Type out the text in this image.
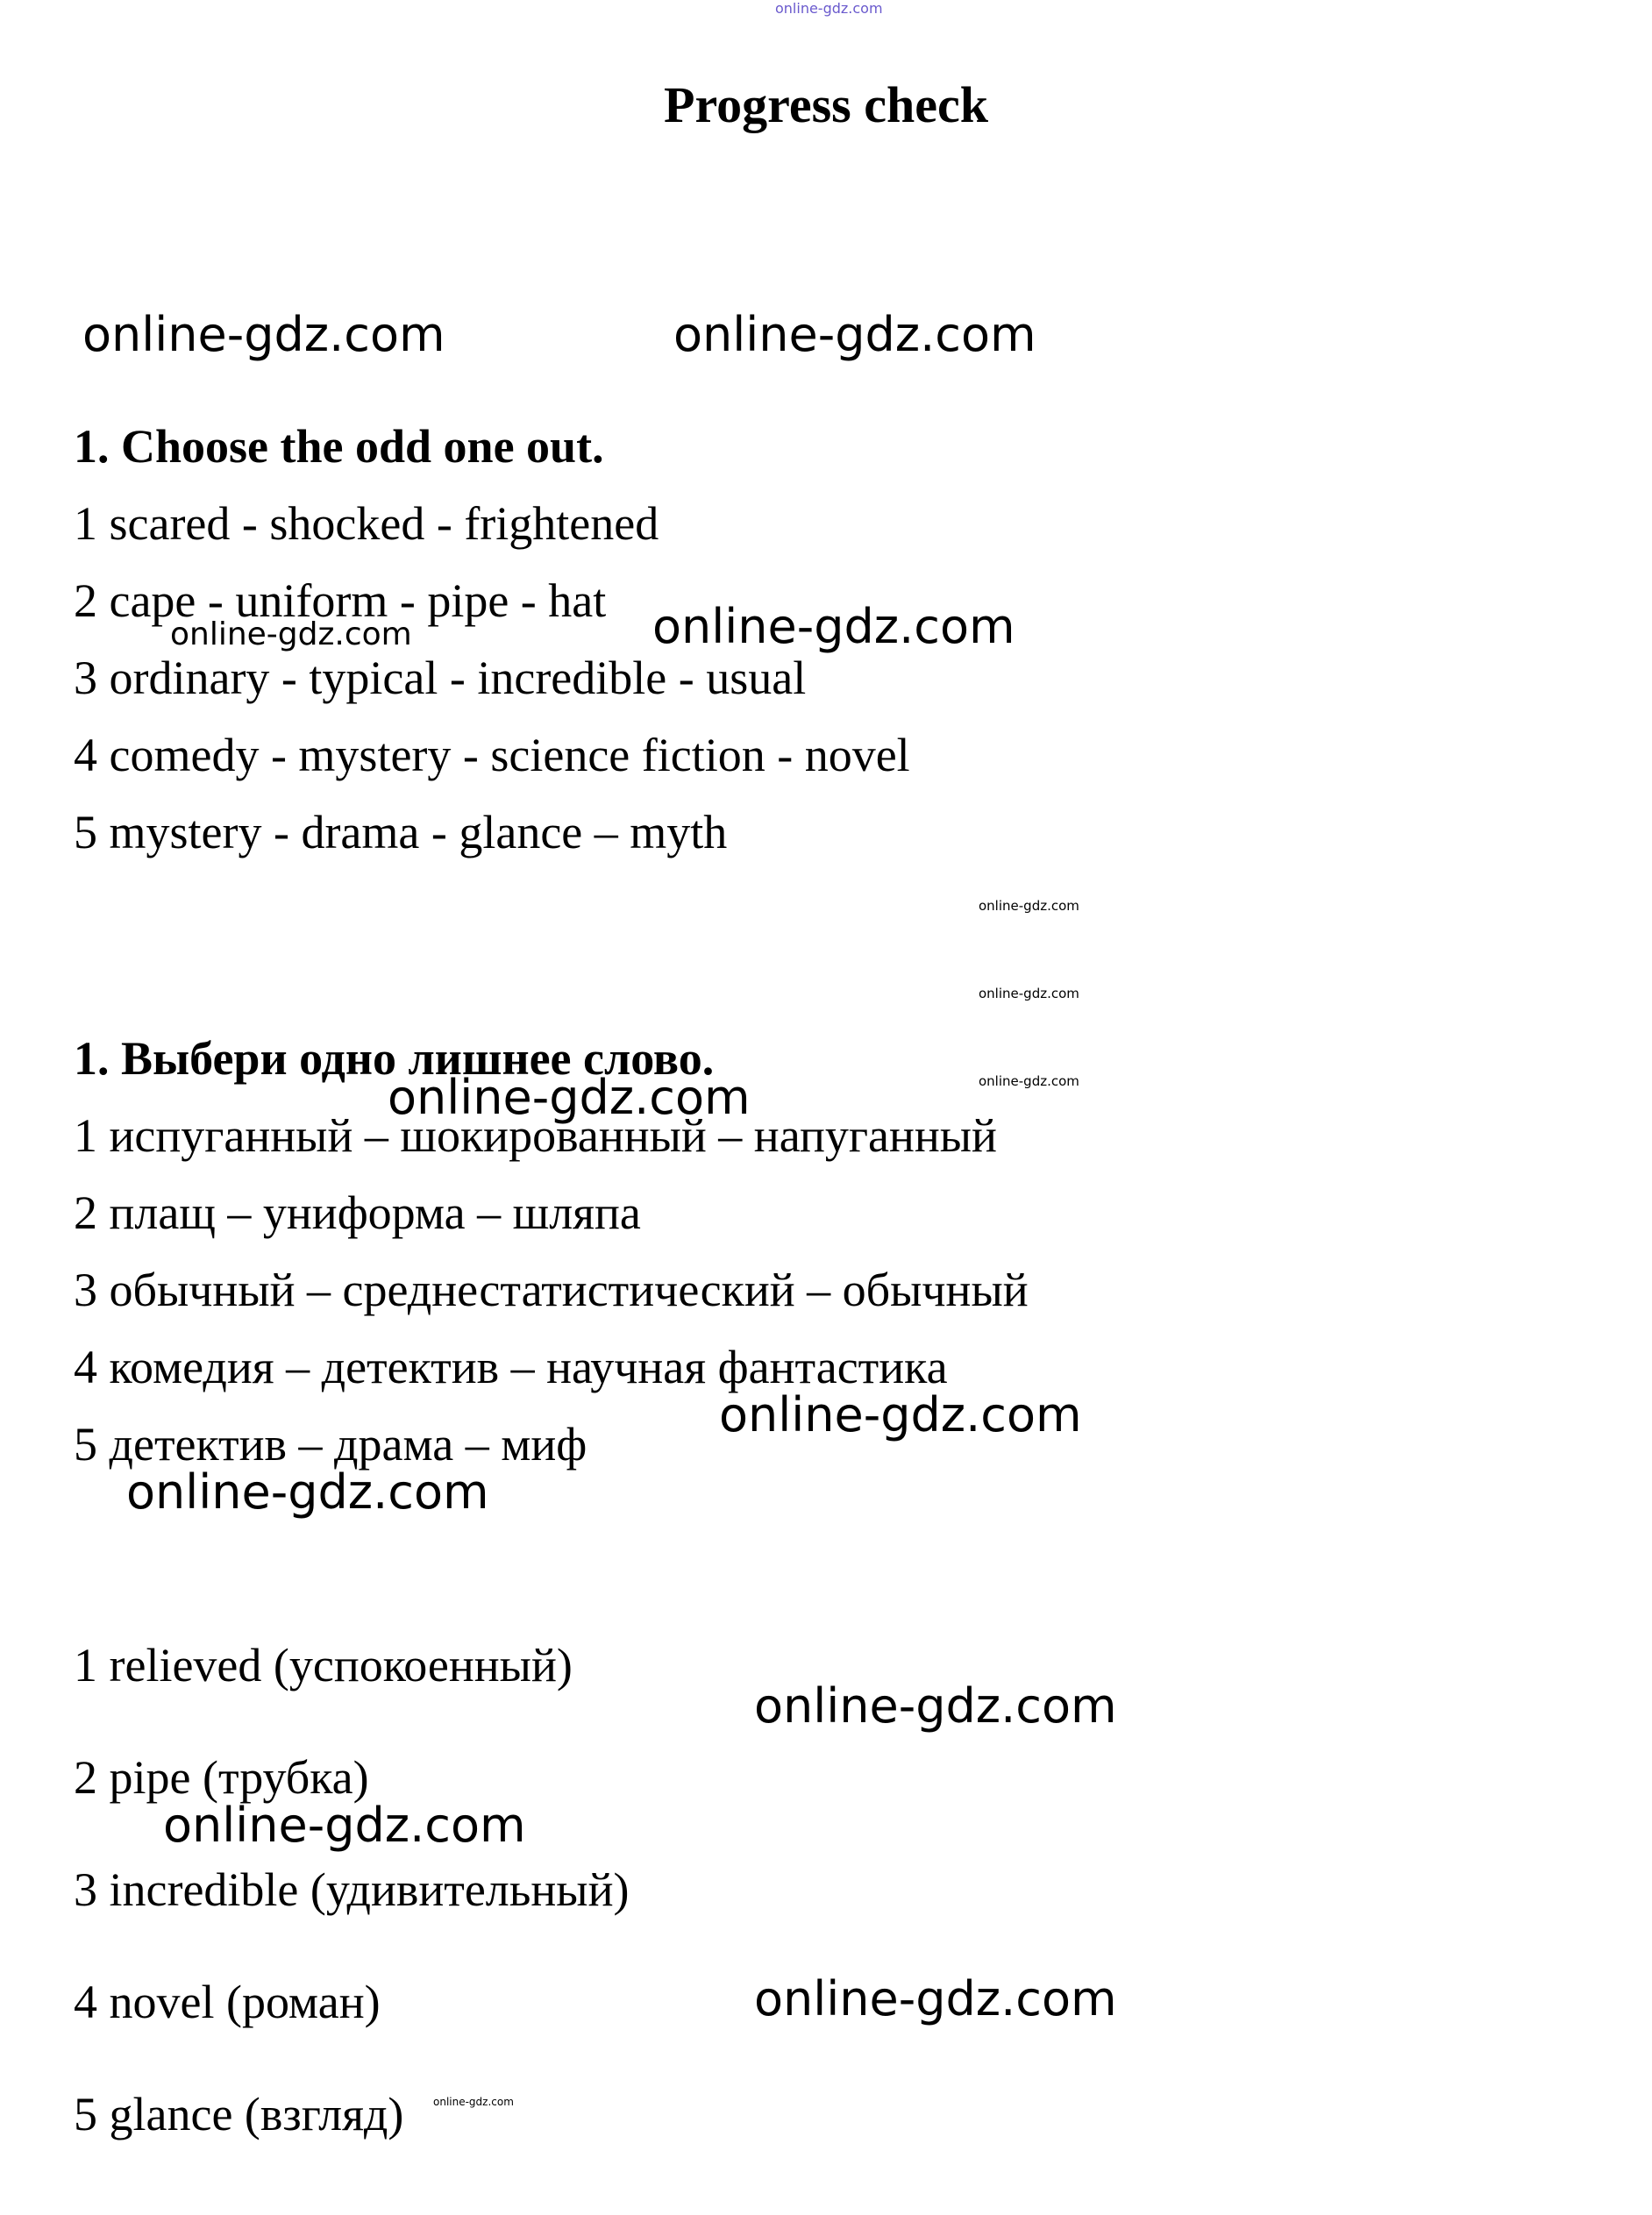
online-gdz.com
Progress check
online-gdz.com	online-gdz.com
1. Choose the odd one out.
1 scared - shocked - frightened
2 cape - uniform - pipe - hat
online-gdz.com	online-gdz.com
3 ordinary - typical - incredible - usual
4 comedy - mystery - science fiction - novel
5 mystery - drama - glance – myth
online-gdz.com
online-gdz.com
online-gdz.com
1. Выбери одно лишнее слово.
online-gdz.com
1 испуганный – шокированный – напуганный
2 плащ – униформа – шляпа
3 обычный – среднестатистический – обычный
4 комедия – детектив – научная фантастика
online-gdz.com
5 детектив – драма – миф
online-gdz.com
1 relieved (успокоенный)
online-gdz.com
2 pipe (трубка)
online-gdz.com
3 incredible (удивительный)
4 novel (роман)	online-gdz.com
5 glance (взгляд)	online-gdz.com
